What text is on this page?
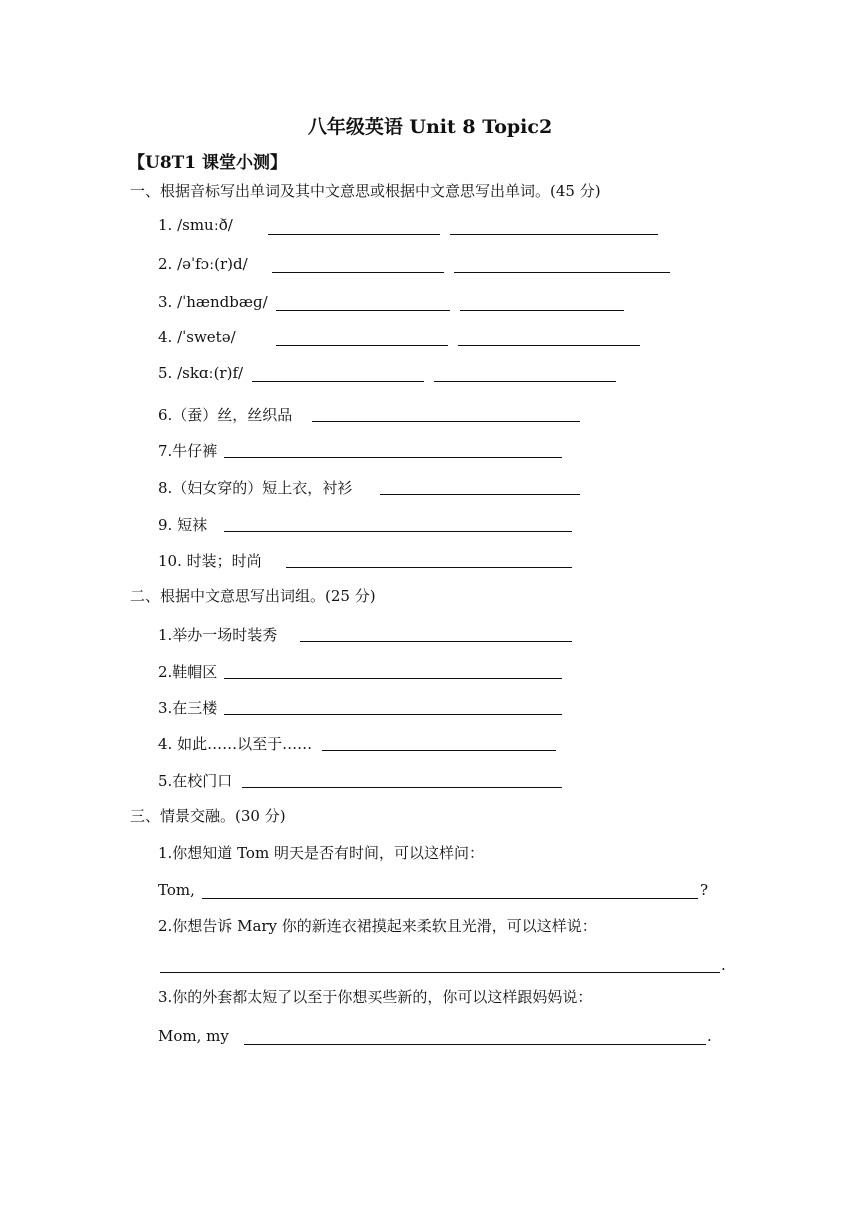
八年级英语 Unit 8 Topic2
【U8T1 课堂小测】
一、根据音标写出单词及其中文意思或根据中文意思写出单词。(45 分)
1. /smuːð/
2. /əˈfɔː(r)d/
3. /ˈhændbæɡ/
4. /ˈswetə/
5. /skɑː(r)f/
6.（蚕）丝，丝织品
7.牛仔裤
8.（妇女穿的）短上衣，衬衫
9. 短袜
10. 时装；时尚
二、根据中文意思写出词组。(25 分)
1.举办一场时装秀
2.鞋帽区
3.在三楼
4. 如此……以至于……
5.在校门口
三、情景交融。(30 分)
1.你想知道 Tom 明天是否有时间，可以这样问：
Tom,	?
2.你想告诉 Mary 你的新连衣裙摸起来柔软且光滑，可以这样说：
.
3.你的外套都太短了以至于你想买些新的，你可以这样跟妈妈说：
Mom, my	.
